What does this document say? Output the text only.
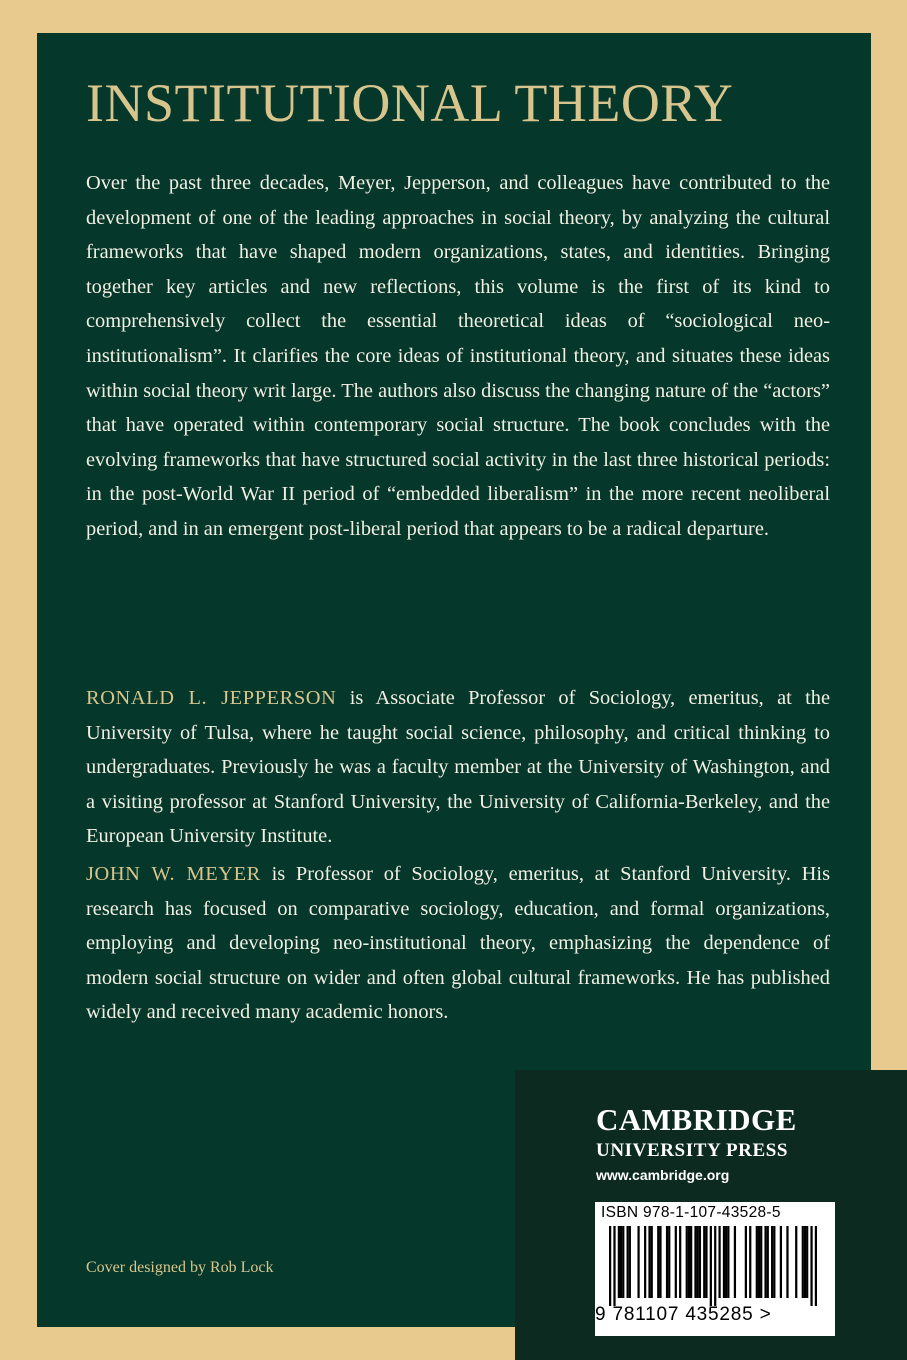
INSTITUTIONAL THEORY

Over the past three decades, Meyer, Jepperson, and colleagues have contributed to the development of one of the leading approaches in social theory, by analyzing the cultural frameworks that have shaped modern organizations, states, and identities. Bringing together key articles and new reflections, this volume is the first of its kind to comprehensively collect the essential theoretical ideas of “sociological neo-institutionalism”. It clarifies the core ideas of institutional theory, and situates these ideas within social theory writ large. The authors also discuss the changing nature of the “actors” that have operated within contemporary social structure. The book concludes with the evolving frameworks that have structured social activity in the last three historical periods: in the post-World War II period of “embedded liberalism” in the more recent neoliberal period, and in an emergent post-liberal period that appears to be a radical departure.

RONALD L. JEPPERSON is Associate Professor of Sociology, emeritus, at the University of Tulsa, where he taught social science, philosophy, and critical thinking to undergraduates. Previously he was a faculty member at the University of Washington, and a visiting professor at Stanford University, the University of California-Berkeley, and the European University Institute.

JOHN W. MEYER is Professor of Sociology, emeritus, at Stanford University. His research has focused on comparative sociology, education, and formal organizations, employing and developing neo-institutional theory, emphasizing the dependence of modern social structure on wider and often global cultural frameworks. He has published widely and received many academic honors.

Cover designed by Rob Lock

CAMBRIDGE

UNIVERSITY PRESS

www.cambridge.org

ISBN 978-1-107-43528-5

9 781107 435285 >
